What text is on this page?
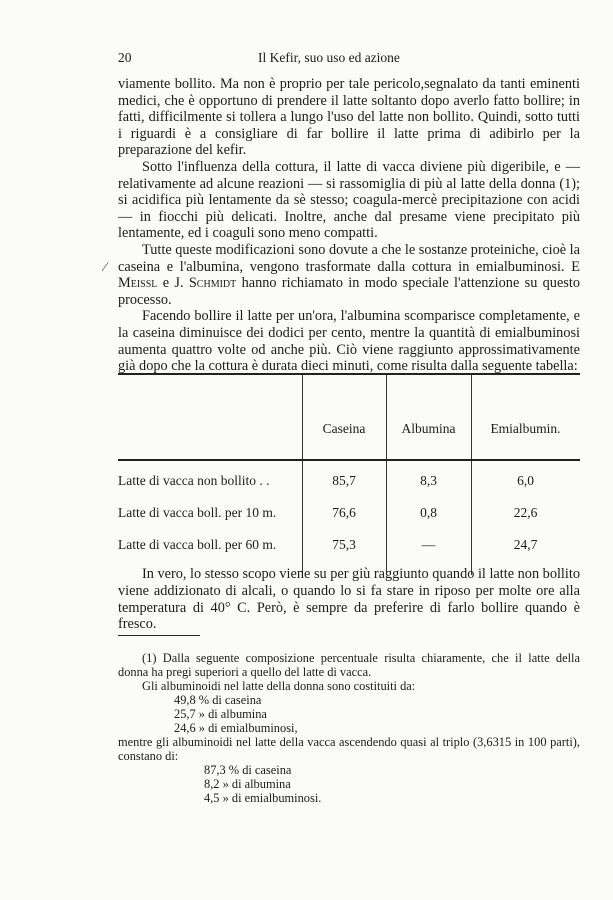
20	Il Kefir, suo uso ed azione
⁄

viamente bollito. Ma non è proprio per tale pericolo,segnalato da tanti eminenti medici, che è opportuno di prendere il latte soltanto dopo averlo fatto bollire; in fatti, difficilmente si tollera a lungo l'uso del latte non bollito. Quindi, sotto tutti i riguardi è a consigliare di far bollire il latte prima di adibirlo per la preparazione del kefir.

Sotto l'influenza della cottura, il latte di vacca diviene più digeribile, e — relativamente ad alcune reazioni — si rassomiglia di più al latte della donna (1); si acidifica più lentamente da sè stesso; coagula-mercè precipitazione con acidi — in fiocchi più delicati. Inoltre, anche dal presame viene precipitato più lentamente, ed i coaguli sono meno compatti.

Tutte queste modificazioni sono dovute a che le sostanze proteiniche, cioè la caseina e l'albumina, vengono trasformate dalla cottura in emialbuminosi. E Meissl e J. Schmidt hanno richiamato in modo speciale l'attenzione su questo processo.

Facendo bollire il latte per un'ora, l'albumina scomparisce completamente, e la caseina diminuisce dei dodici per cento, mentre la quantità di emialbuminosi aumenta quattro volte od anche più. Ciò viene raggiunto approssimativamente già dopo che la cottura è durata dieci minuti, come risulta dalla seguente tabella:

Caseina	Albumina	Emialbumin.
Latte di vacca non bollito . .	85,7	8,3	6,0
Latte di vacca boll. per 10 m.	76,6	0,8	22,6
Latte di vacca boll. per 60 m.	75,3	—	24,7

In vero, lo stesso scopo viene su per giù raggiunto quando il latte non bollito viene addizionato di alcali, o quando lo si fa stare in riposo per molte ore alla temperatura di 40° C. Però, è sempre da preferire di farlo bollire quando è fresco.

(1) Dalla seguente composizione percentuale risulta chiaramente, che il latte della donna ha pregi superiori a quello del latte di vacca.

Gli albuminoidi nel latte della donna sono costituiti da:

49,8 % di caseina

25,7 » di albumina

24,6 » di emialbuminosi,

mentre gli albuminoidi nel latte della vacca ascendendo quasi al triplo (3,6315 in 100 parti), constano di:

87,3 % di caseina

8,2 » di albumina

4,5 » di emialbuminosi.
